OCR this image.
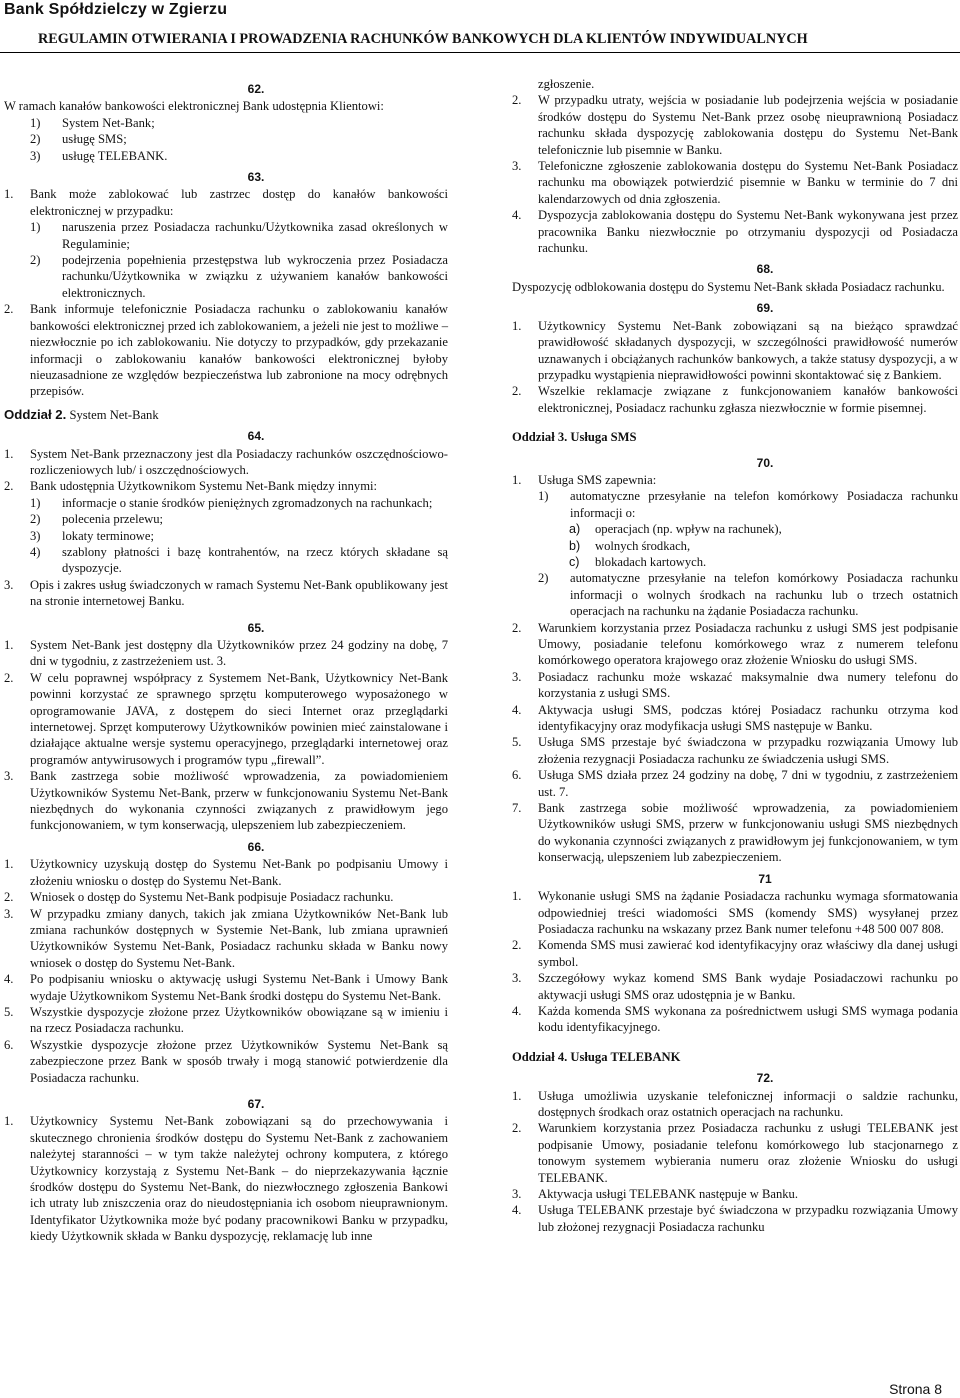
Bank Spółdzielczy w Zgierzu
REGULAMIN OTWIERANIA I PROWADZENIA RACHUNKÓW BANKOWYCH DLA KLIENTÓW INDYWIDUALNYCH
62.

W ramach kanałów bankowości elektronicznej Bank udostępnia Klientowi:

1)	System Net-Bank;
2)	usługę SMS;
3)	usługę TELEBANK.
63.
1.	Bank może zablokować lub zastrzec dostęp do kanałów bankowości elektronicznej w przypadku:
1)	naruszenia przez Posiadacza rachunku/Użytkownika zasad określonych w Regulaminie;
2)	podejrzenia popełnienia przestępstwa lub wykroczenia przez Posiadacza rachunku/Użytkownika w związku z używaniem kanałów bankowości elektronicznych.
2.	Bank informuje telefonicznie Posiadacza rachunku o zablokowaniu kanałów bankowości elektronicznej przed ich zablokowaniem, a jeżeli nie jest to możliwe – niezwłocznie po ich zablokowaniu. Nie dotyczy to przypadków, gdy przekazanie informacji o zablokowaniu kanałów bankowości elektronicznej byłoby nieuzasadnione ze względów bezpieczeństwa lub zabronione na mocy odrębnych przepisów.
Oddział 2. System Net-Bank
64.
1.	System Net-Bank przeznaczony jest dla Posiadaczy rachunków oszczędnościowo-rozliczeniowych lub/ i oszczędnościowych.
2.	Bank udostępnia Użytkownikom Systemu Net-Bank między innymi:
1)	informacje o stanie środków pieniężnych zgromadzonych na rachunkach;
2)	polecenia przelewu;
3)	lokaty terminowe;
4)	szablony płatności i bazę kontrahentów, na rzecz których składane są dyspozycje.
3.	Opis i zakres usług świadczonych w ramach Systemu Net-Bank opublikowany jest na stronie internetowej Banku.
65.
1.	System Net-Bank jest dostępny dla Użytkowników przez 24 godziny na dobę, 7 dni w tygodniu, z zastrzeżeniem ust. 3.
2.	W celu poprawnej współpracy z Systemem Net-Bank, Użytkownicy Net-Bank powinni korzystać ze sprawnego sprzętu komputerowego wyposażonego w oprogramowanie JAVA, z dostępem do sieci Internet oraz przeglądarki internetowej. Sprzęt komputerowy Użytkowników powinien mieć zainstalowane i działające aktualne wersje systemu operacyjnego, przeglądarki internetowej oraz programów antywirusowych i programów typu „firewall”.
3.	Bank zastrzega sobie możliwość wprowadzenia, za powiadomieniem Użytkowników Systemu Net-Bank, przerw w funkcjonowaniu Systemu Net-Bank niezbędnych do wykonania czynności związanych z prawidłowym jego funkcjonowaniem, w tym konserwacją, ulepszeniem lub zabezpieczeniem.
66.
1.	Użytkownicy uzyskują dostęp do Systemu Net-Bank po podpisaniu Umowy i złożeniu wniosku o dostęp do Systemu Net-Bank.
2.	Wniosek o dostęp do Systemu Net-Bank podpisuje Posiadacz rachunku.
3.	W przypadku zmiany danych, takich jak zmiana Użytkowników Net-Bank lub zmiana rachunków dostępnych w Systemie Net-Bank, lub zmiana uprawnień Użytkowników Systemu Net-Bank, Posiadacz rachunku składa w Banku nowy wniosek o dostęp do Systemu Net-Bank.
4.	Po podpisaniu wniosku o aktywację usługi Systemu Net-Bank i Umowy Bank wydaje Użytkownikom Systemu Net-Bank środki dostępu do Systemu Net-Bank.
5.	Wszystkie dyspozycje złożone przez Użytkowników obowiązane są w imieniu i na rzecz Posiadacza rachunku.
6.	Wszystkie dyspozycje złożone przez Użytkowników Systemu Net-Bank są zabezpieczone przez Bank w sposób trwały i mogą stanowić potwierdzenie dla Posiadacza rachunku.
67.
1.	Użytkownicy Systemu Net-Bank zobowiązani są do przechowywania i skutecznego chronienia środków dostępu do Systemu Net-Bank z zachowaniem należytej staranności – w tym także należytej ochrony komputera, z którego Użytkownicy korzystają z Systemu Net-Bank – do nieprzekazywania łącznie środków dostępu do Systemu Net-Bank, do niezwłocznego zgłoszenia Bankowi ich utraty lub zniszczenia oraz do nieudostępniania ich osobom nieuprawnionym. Identyfikator Użytkownika może być podany pracownikowi Banku w przypadku, kiedy Użytkownik składa w Banku dyspozycję, reklamację lub inne
zgłoszenie.
2.	W przypadku utraty, wejścia w posiadanie lub podejrzenia wejścia w posiadanie środków dostępu do Systemu Net-Bank przez osobę nieuprawnioną Posiadacz rachunku składa dyspozycję zablokowania dostępu do Systemu Net-Bank telefonicznie lub pisemnie w Banku.
3.	Telefoniczne zgłoszenie zablokowania dostępu do Systemu Net-Bank Posiadacz rachunku ma obowiązek potwierdzić pisemnie w Banku w terminie do 7 dni kalendarzowych od dnia zgłoszenia.
4.	Dyspozycja zablokowania dostępu do Systemu Net-Bank wykonywana jest przez pracownika Banku niezwłocznie po otrzymaniu dyspozycji od Posiadacza rachunku.
68.

Dyspozycję odblokowania dostępu do Systemu Net-Bank składa Posiadacz rachunku.

69.
1.	Użytkownicy Systemu Net-Bank zobowiązani są na bieżąco sprawdzać prawidłowość składanych dyspozycji, w szczególności prawidłowość numerów uznawanych i obciążanych rachunków bankowych, a także statusy dyspozycji, a w przypadku wystąpienia nieprawidłowości powinni skontaktować się z Bankiem.
2.	Wszelkie reklamacje związane z funkcjonowaniem kanałów bankowości elektronicznej, Posiadacz rachunku zgłasza niezwłocznie w formie pisemnej.
Oddział 3. Usługa SMS
70.
1.	Usługa SMS zapewnia:
1)	automatyczne przesyłanie na telefon komórkowy Posiadacza rachunku informacji o:
a)	operacjach (np. wpływ na rachunek),
b)	wolnych środkach,
c)	blokadach kartowych.
2)	automatyczne przesyłanie na telefon komórkowy Posiadacza rachunku informacji o wolnych środkach na rachunku lub o trzech ostatnich operacjach na rachunku na żądanie Posiadacza rachunku.
2.	Warunkiem korzystania przez Posiadacza rachunku z usługi SMS jest podpisanie Umowy, posiadanie telefonu komórkowego wraz z numerem telefonu komórkowego operatora krajowego oraz złożenie Wniosku do usługi SMS.
3.	Posiadacz rachunku może wskazać maksymalnie dwa numery telefonu do korzystania z usługi SMS.
4.	Aktywacja usługi SMS, podczas której Posiadacz rachunku otrzyma kod identyfikacyjny oraz modyfikacja usługi SMS następuje w Banku.
5.	Usługa SMS przestaje być świadczona w przypadku rozwiązania Umowy lub złożenia rezygnacji Posiadacza rachunku ze świadczenia usługi SMS.
6.	Usługa SMS działa przez 24 godziny na dobę, 7 dni w tygodniu, z zastrzeżeniem ust. 7.
7.	Bank zastrzega sobie możliwość wprowadzenia, za powiadomieniem Użytkowników usługi SMS, przerw w funkcjonowaniu usługi SMS niezbędnych do wykonania czynności związanych z prawidłowym jej funkcjonowaniem, w tym konserwacją, ulepszeniem lub zabezpieczeniem.
71
1.	Wykonanie usługi SMS na żądanie Posiadacza rachunku wymaga sformatowania odpowiedniej treści wiadomości SMS (komendy SMS) wysyłanej przez Posiadacza rachunku na wskazany przez Bank numer telefonu +48 500 007 808.
2.	Komenda SMS musi zawierać kod identyfikacyjny oraz właściwy dla danej usługi symbol.
3.	Szczegółowy wykaz komend SMS Bank wydaje Posiadaczowi rachunku po aktywacji usługi SMS oraz udostępnia je w Banku.
4.	Każda komenda SMS wykonana za pośrednictwem usługi SMS wymaga podania kodu identyfikacyjnego.
Oddział 4. Usługa TELEBANK
72.
1.	Usługa umożliwia uzyskanie telefonicznej informacji o saldzie rachunku, dostępnych środkach oraz ostatnich operacjach na rachunku.
2.	Warunkiem korzystania przez Posiadacza rachunku z usługi TELEBANK jest podpisanie Umowy, posiadanie telefonu komórkowego lub stacjonarnego z tonowym systemem wybierania numeru oraz złożenie Wniosku do usługi TELEBANK.
3.	Aktywacja usługi TELEBANK następuje w Banku.
4.	Usługa TELEBANK przestaje być świadczona w przypadku rozwiązania Umowy lub złożonej rezygnacji Posiadacza rachunku
Strona 8
